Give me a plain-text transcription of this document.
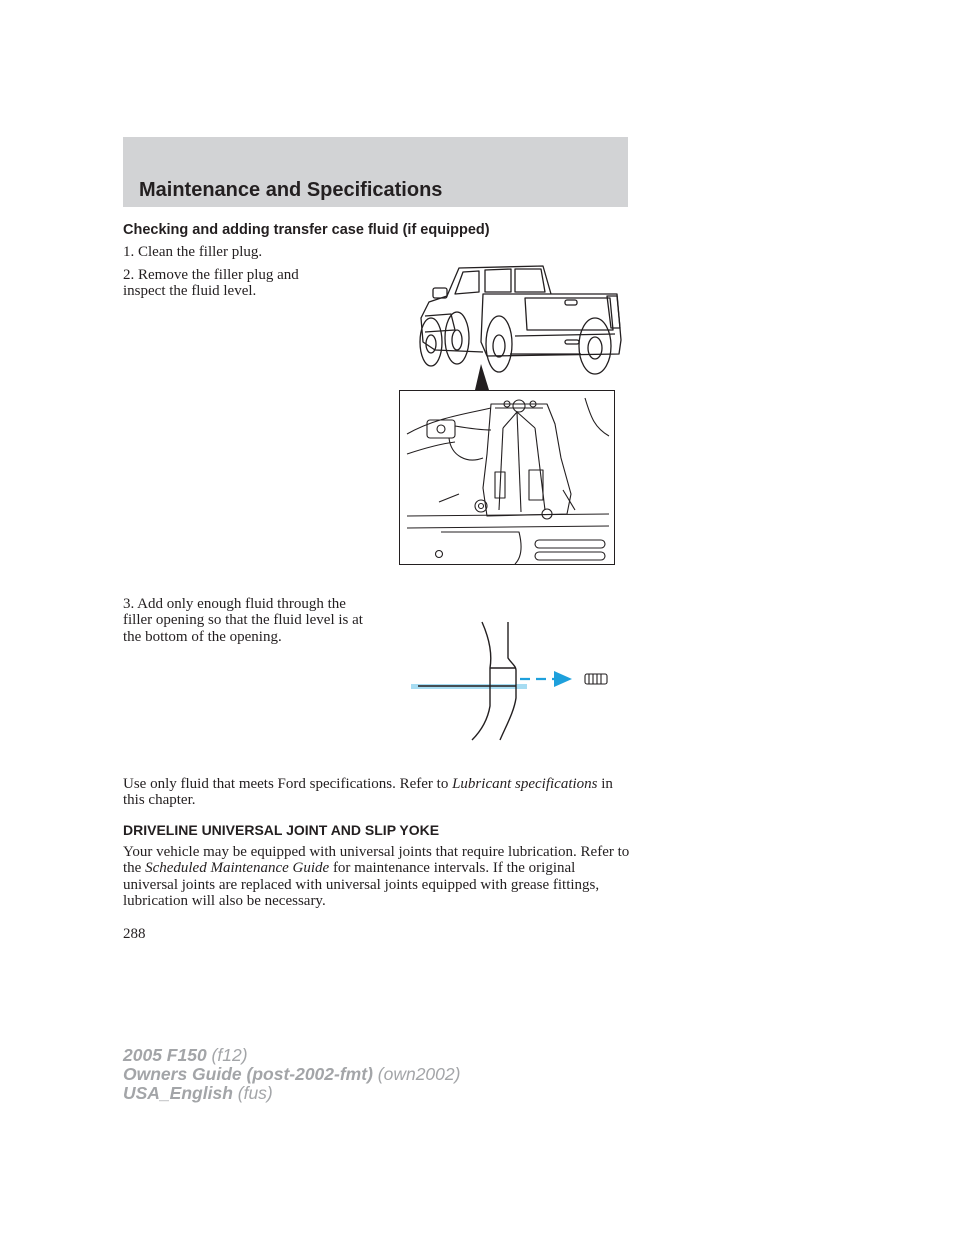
Maintenance and Specifications
Checking and adding transfer case fluid (if equipped)

1. Clean the filler plug.

2. Remove the filler plug and inspect the fluid level.

3. Add only enough fluid through the filler opening so that the fluid level is at the bottom of the opening.

Use only fluid that meets Ford specifications. Refer to Lubricant specifications in this chapter.

DRIVELINE UNIVERSAL JOINT AND SLIP YOKE

Your vehicle may be equipped with universal joints that require lubrication. Refer to the Scheduled Maintenance Guide for maintenance intervals. If the original universal joints are replaced with universal joints equipped with grease fittings, lubrication will also be necessary.

288

2005 F150 (f12)
Owners Guide (post-2002-fmt) (own2002)
USA_English (fus)
